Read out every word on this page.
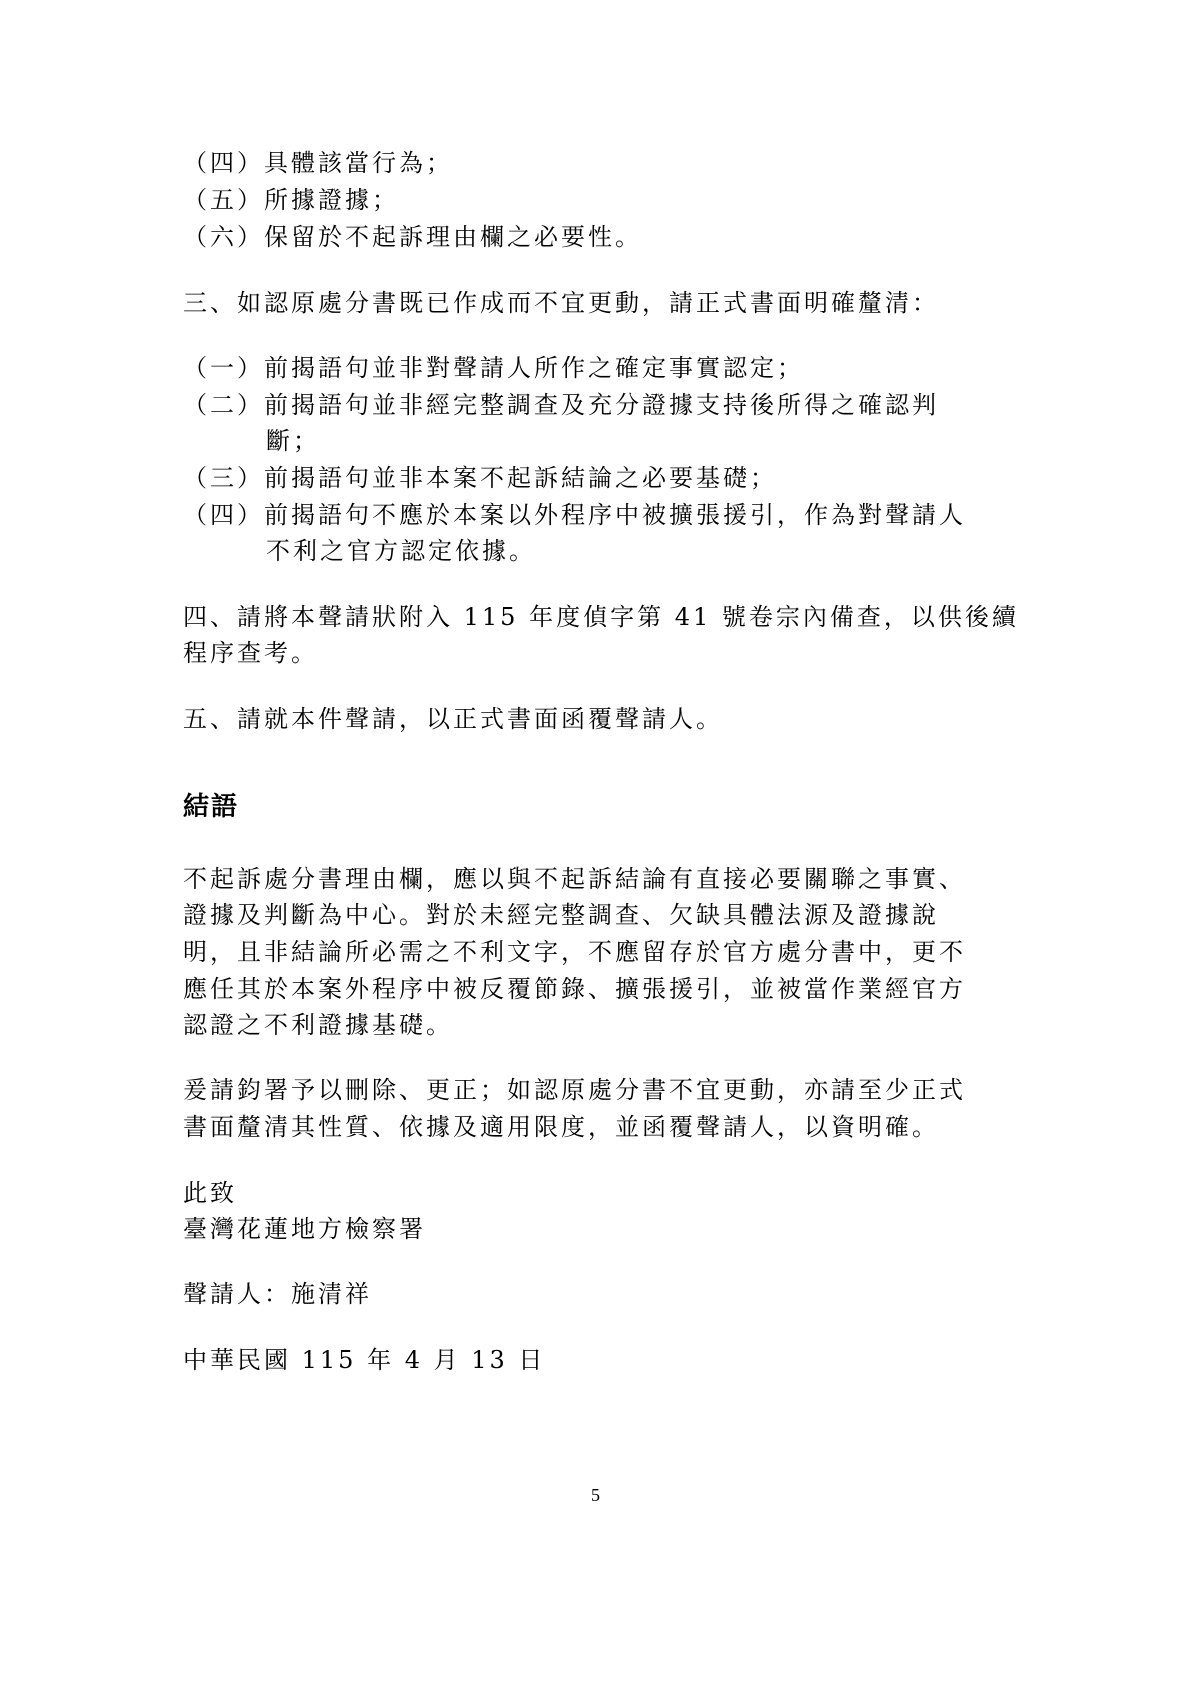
（四）具體該當行為；
（五）所據證據；
（六）保留於不起訴理由欄之必要性。
三、如認原處分書既已作成而不宜更動，請正式書面明確釐清：
（一）前揭語句並非對聲請人所作之確定事實認定；
（二）前揭語句並非經完整調查及充分證據支持後所得之確認判
斷；
（三）前揭語句並非本案不起訴結論之必要基礎；
（四）前揭語句不應於本案以外程序中被擴張援引，作為對聲請人
不利之官方認定依據。
四、請將本聲請狀附入 115 年度偵字第 41 號卷宗內備查，以供後續
程序查考。
五、請就本件聲請，以正式書面函覆聲請人。
結語
不起訴處分書理由欄，應以與不起訴結論有直接必要關聯之事實、
證據及判斷為中心。對於未經完整調查、欠缺具體法源及證據說
明，且非結論所必需之不利文字，不應留存於官方處分書中，更不
應任其於本案外程序中被反覆節錄、擴張援引，並被當作業經官方
認證之不利證據基礎。
爰請鈞署予以刪除、更正；如認原處分書不宜更動，亦請至少正式
書面釐清其性質、依據及適用限度，並函覆聲請人，以資明確。
此致
臺灣花蓮地方檢察署
聲請人：施清祥
中華民國 115 年 4 月 13 日
5
